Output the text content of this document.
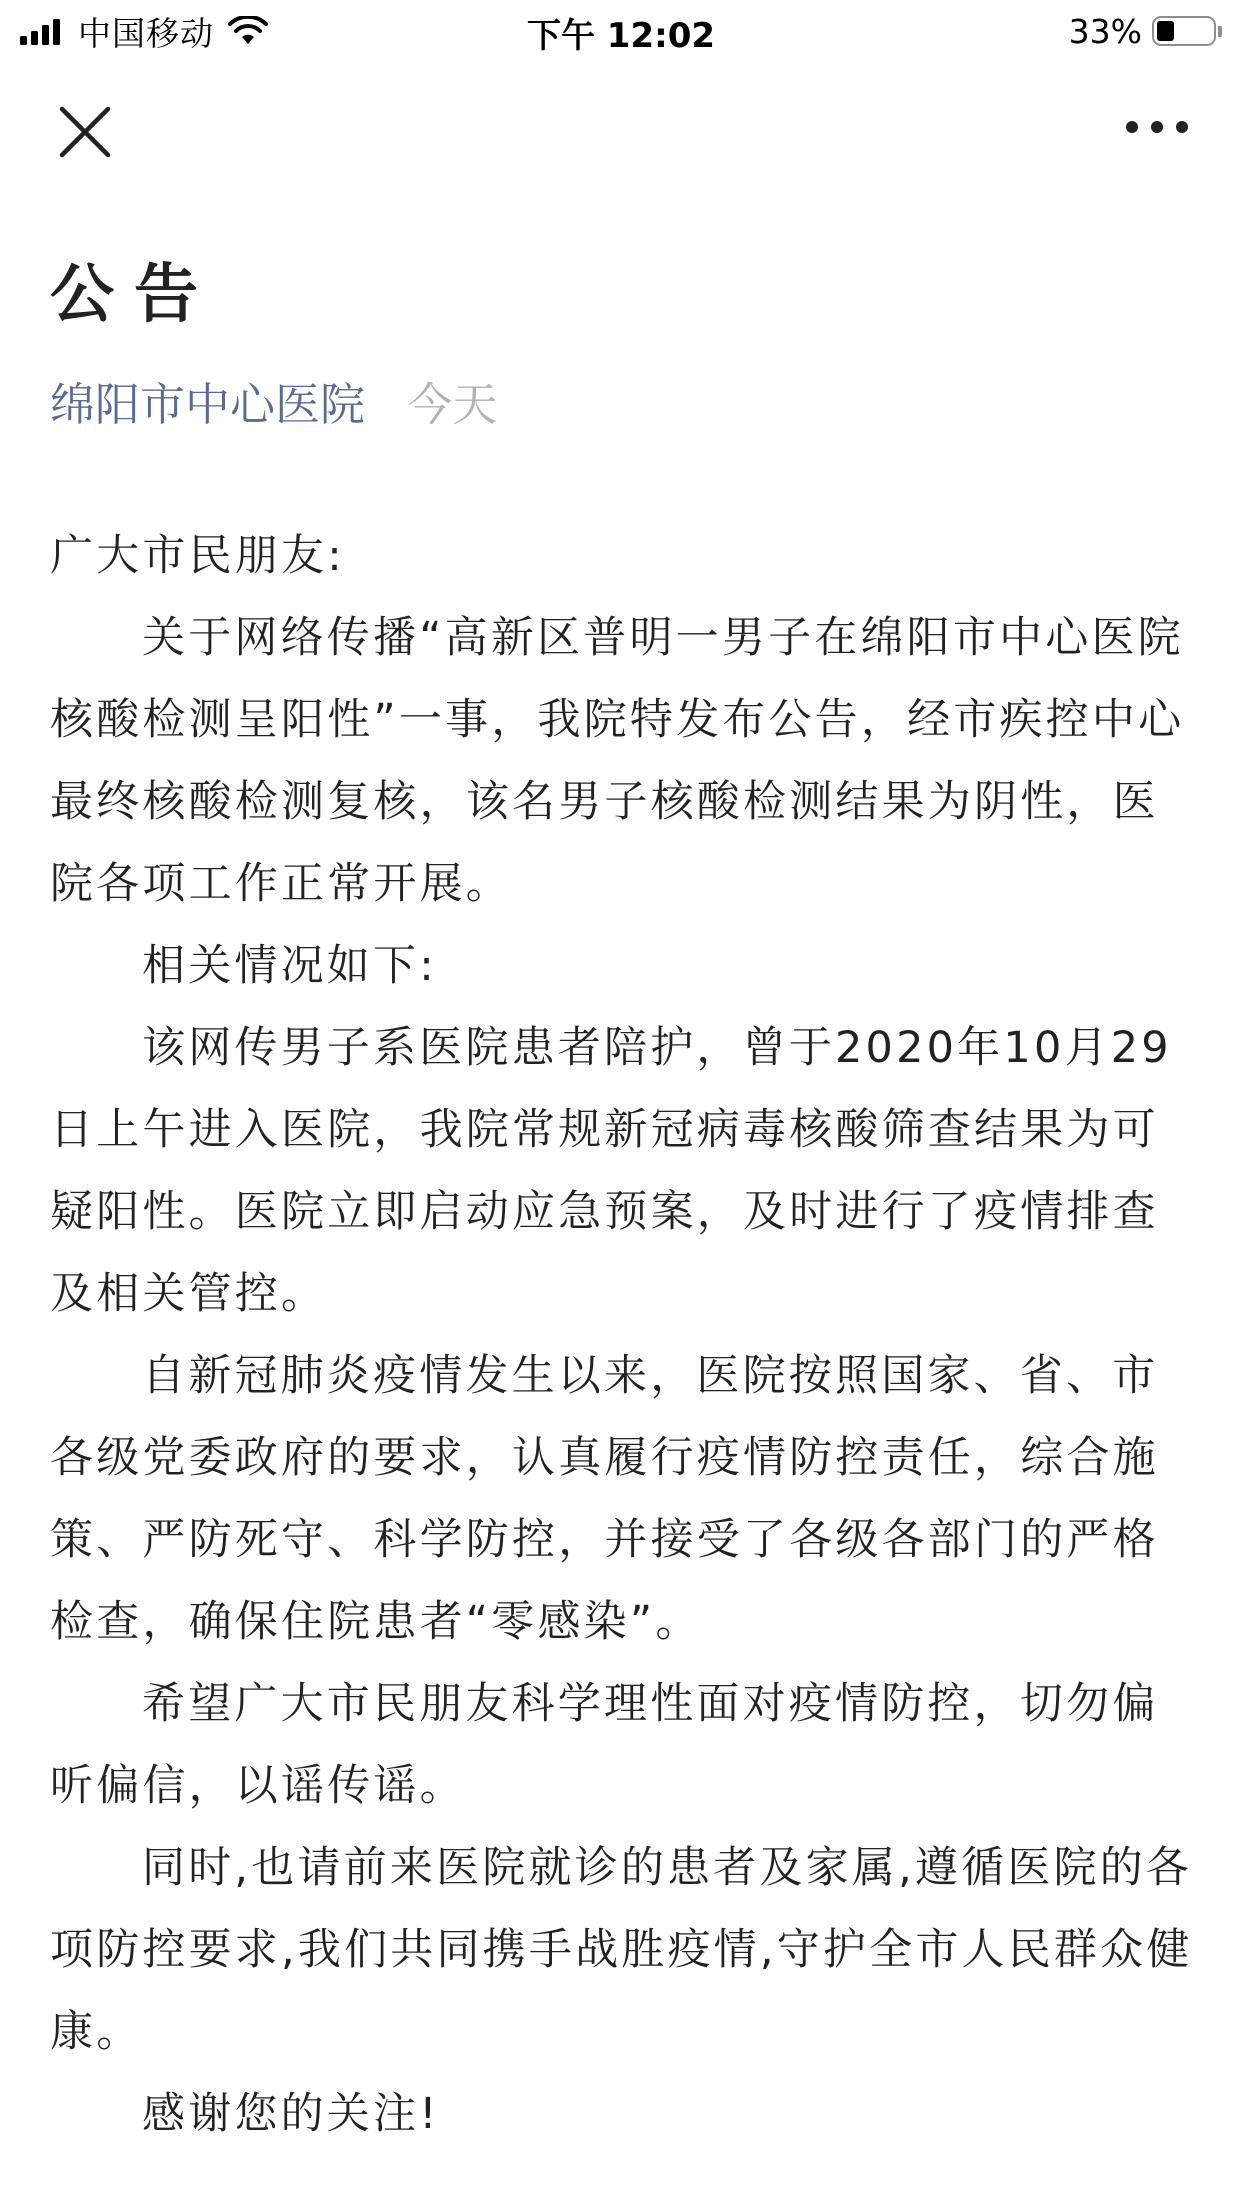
中国移动	下午 12:02	33%
公告
绵阳市中心医院 今天

广大市民朋友:

关于网络传播“高新区普明一男子在绵阳市中心医院核酸检测呈阳性”一事，我院特发布公告，经市疾控中心最终核酸检测复核，该名男子核酸检测结果为阴性，医院各项工作正常开展。

相关情况如下:

该网传男子系医院患者陪护，曾于2020年10月29日上午进入医院，我院常规新冠病毒核酸筛查结果为可疑阳性。医院立即启动应急预案，及时进行了疫情排查及相关管控。

自新冠肺炎疫情发生以来，医院按照国家、省、市各级党委政府的要求，认真履行疫情防控责任，综合施策、严防死守、科学防控，并接受了各级各部门的严格检查，确保住院患者“零感染”。

希望广大市民朋友科学理性面对疫情防控，切勿偏听偏信，以谣传谣。

同时,也请前来医院就诊的患者及家属,遵循医院的各项防控要求,我们共同携手战胜疫情,守护全市人民群众健康。

感谢您的关注!
